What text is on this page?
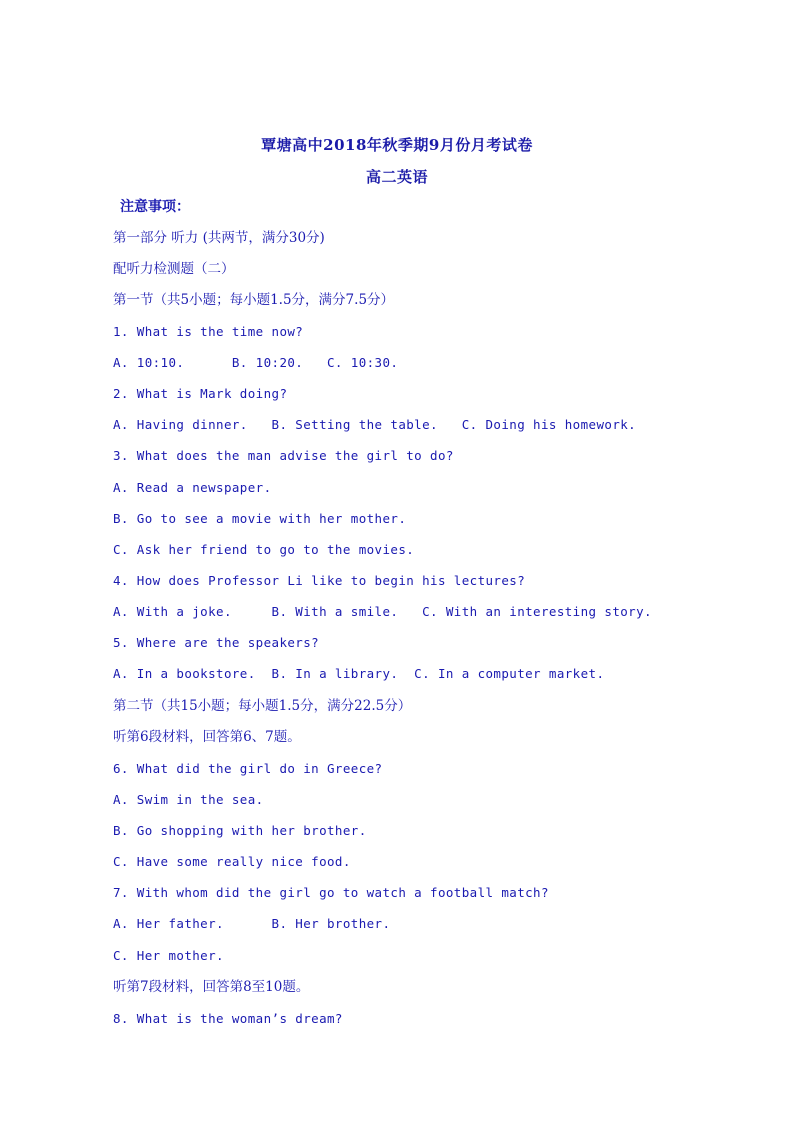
覃塘高中2018年秋季期9月份月考试卷
高二英语
注意事项：
第一部分 听力 (共两节，满分30分)
配听力检测题（二）
第一节（共5小题；每小题1.5分，满分7.5分）
1. What is the time now?
A. 10:10.      B. 10:20.   C. 10:30.
2. What is Mark doing?
A. Having dinner.   B. Setting the table.   C. Doing his homework.
3. What does the man advise the girl to do?
A. Read a newspaper.
B. Go to see a movie with her mother.
C. Ask her friend to go to the movies.
4. How does Professor Li like to begin his lectures?
A. With a joke.     B. With a smile.   C. With an interesting story.
5. Where are the speakers?
A. In a bookstore.  B. In a library.  C. In a computer market.
第二节（共15小题；每小题1.5分，满分22.5分）
听第6段材料，回答第6、7题。
6. What did the girl do in Greece?
A. Swim in the sea.
B. Go shopping with her brother.
C. Have some really nice food.
7. With whom did the girl go to watch a football match?
A. Her father.      B. Her brother.
C. Her mother.
听第7段材料，回答第8至10题。
8. What is the woman’s dream?
